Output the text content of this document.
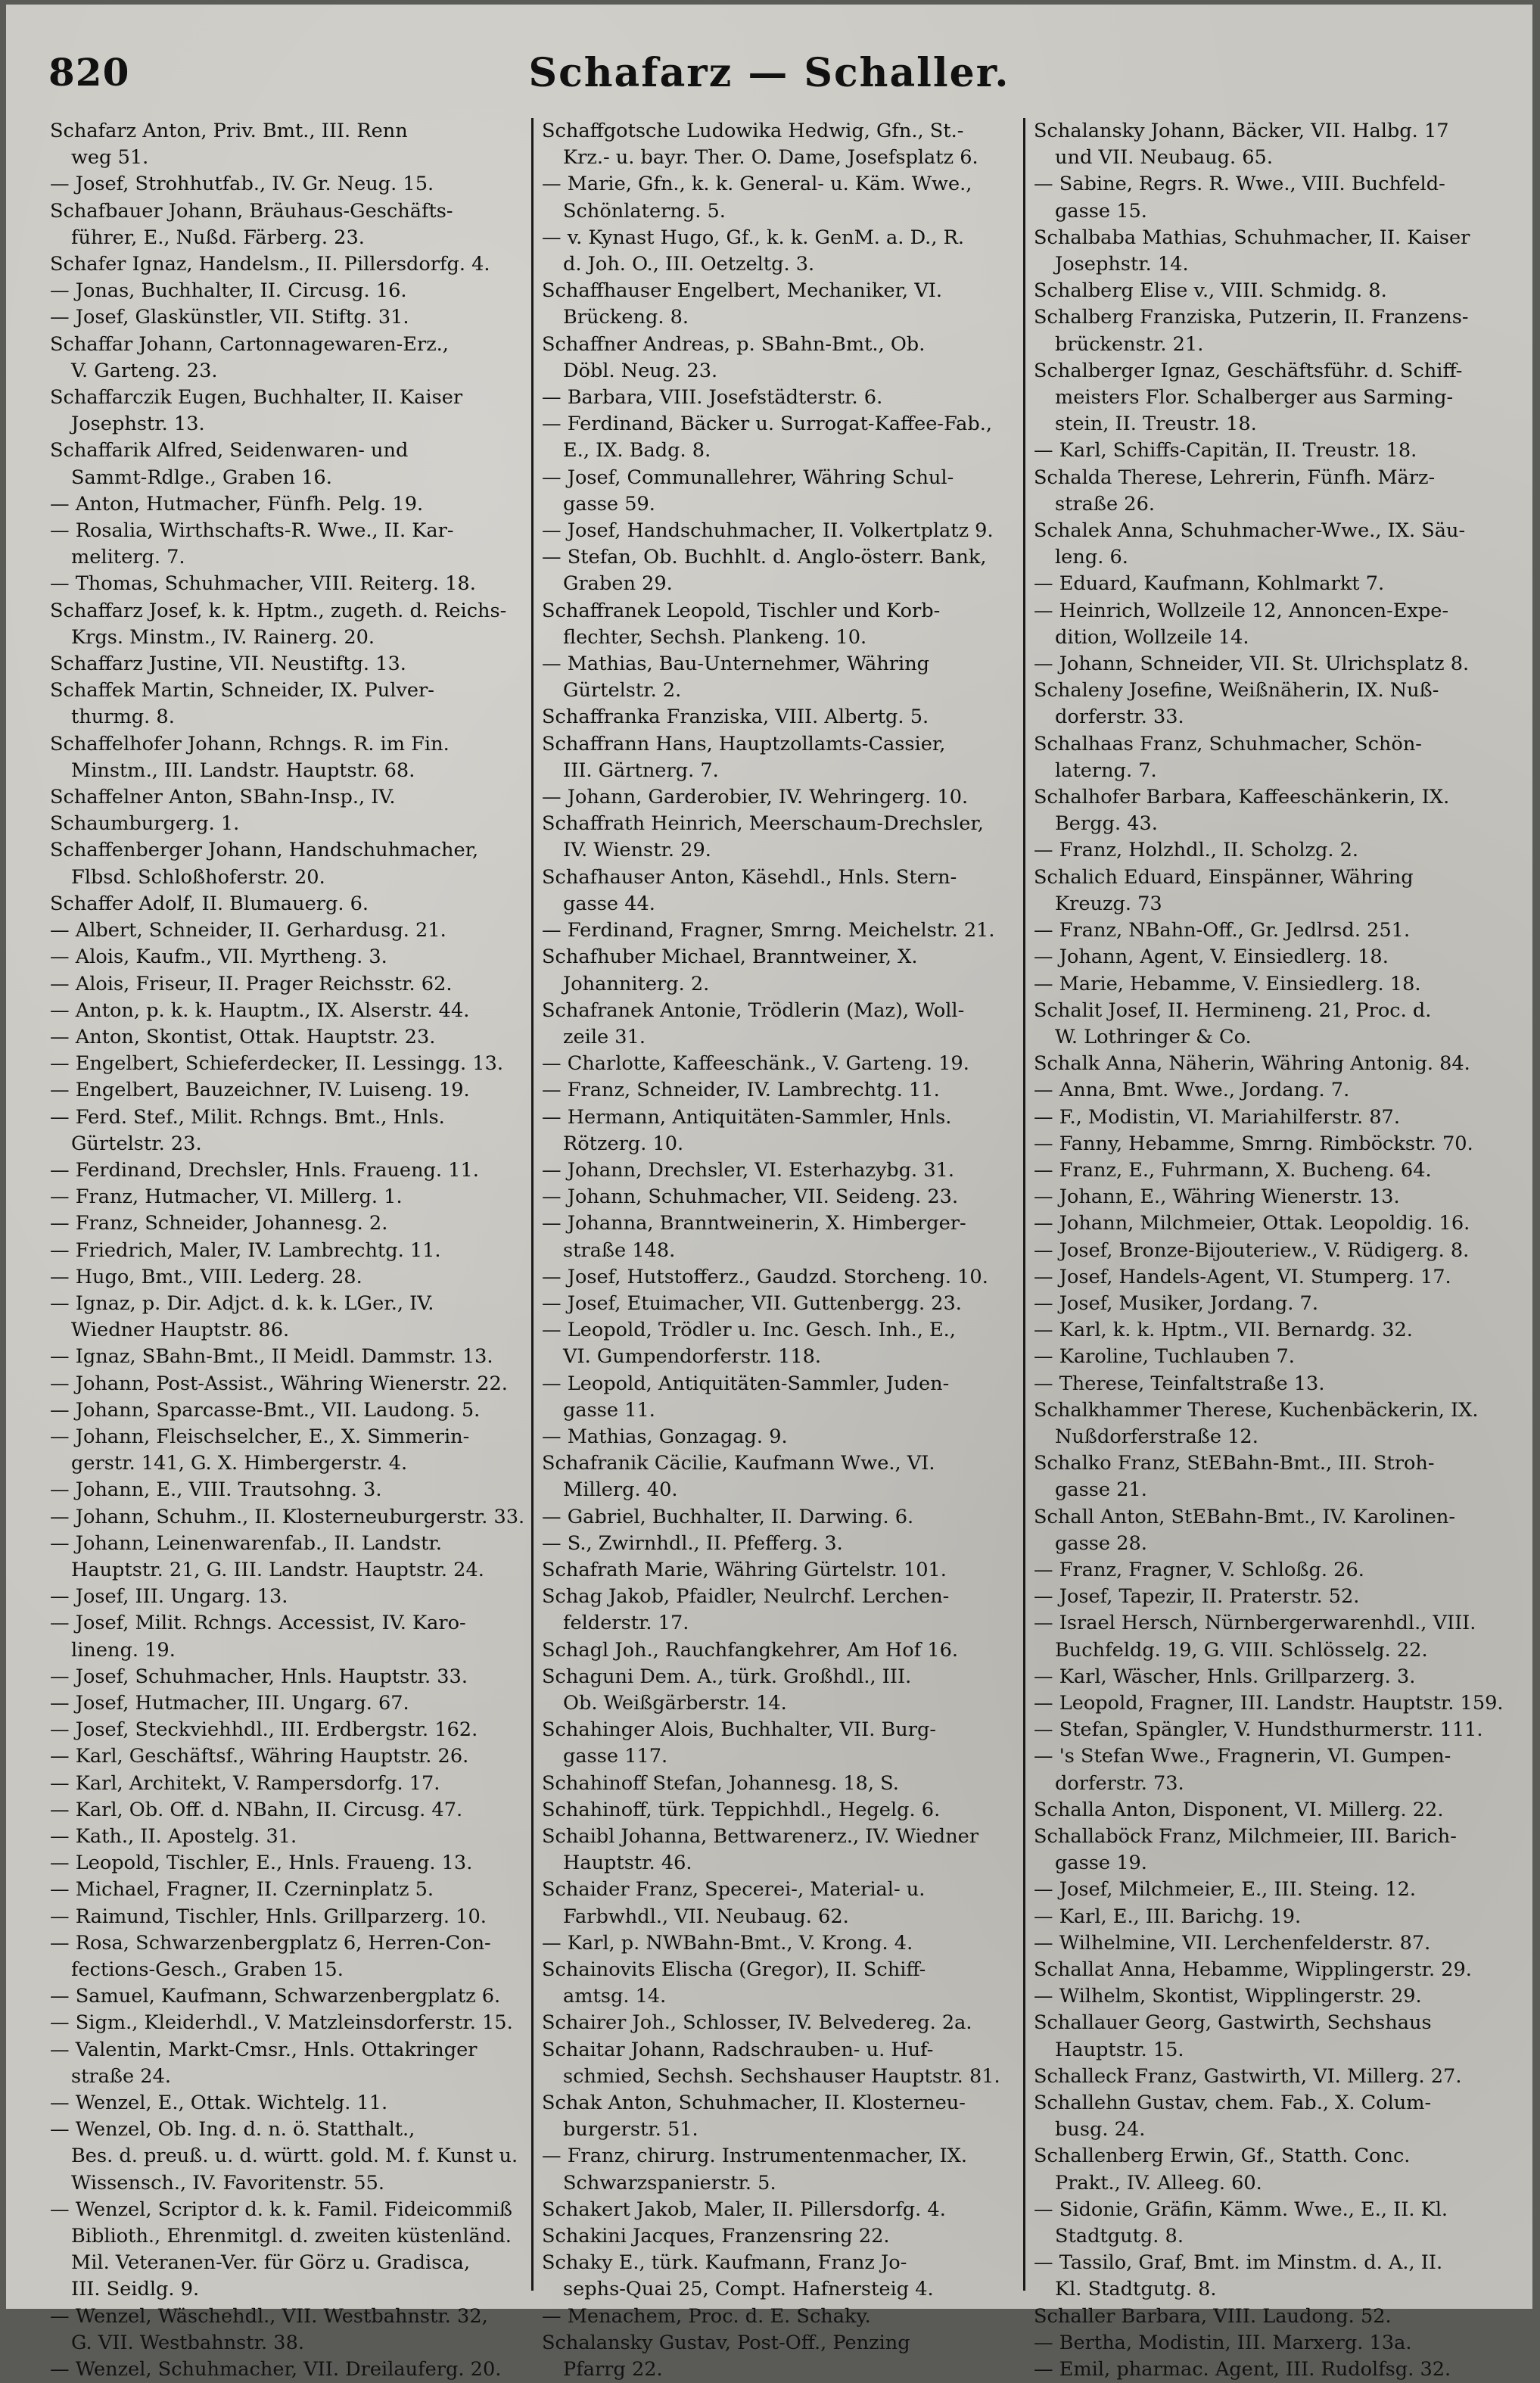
820	Schafarz — Schaller.

Schafarz Anton, Priv. Bmt., III. Renn

weg 51.

— Josef, Strohhutfab., IV. Gr. Neug. 15.

Schafbauer Johann, Bräuhaus-Geschäfts-

führer, E., Nußd. Färberg. 23.

Schafer Ignaz, Handelsm., II. Pillersdorfg. 4.

— Jonas, Buchhalter, II. Circusg. 16.

— Josef, Glaskünstler, VII. Stiftg. 31.

Schaffar Johann, Cartonnagewaren-Erz.,

V. Garteng. 23.

Schaffarczik Eugen, Buchhalter, II. Kaiser

Josephstr. 13.

Schaffarik Alfred, Seidenwaren- und

Sammt-Rdlge., Graben 16.

— Anton, Hutmacher, Fünfh. Pelg. 19.

— Rosalia, Wirthschafts-R. Wwe., II. Kar-

meliterg. 7.

— Thomas, Schuhmacher, VIII. Reiterg. 18.

Schaffarz Josef, k. k. Hptm., zugeth. d. Reichs-

Krgs. Minstm., IV. Rainerg. 20.

Schaffarz Justine, VII. Neustiftg. 13.

Schaffek Martin, Schneider, IX. Pulver-

thurmg. 8.

Schaffelhofer Johann, Rchngs. R. im Fin.

Minstm., III. Landstr. Hauptstr. 68.

Schaffelner Anton, SBahn-Insp., IV.

Schaumburgerg. 1.

Schaffenberger Johann, Handschuhmacher,

Flbsd. Schloßhoferstr. 20.

Schaffer Adolf, II. Blumauerg. 6.

— Albert, Schneider, II. Gerhardusg. 21.

— Alois, Kaufm., VII. Myrtheng. 3.

— Alois, Friseur, II. Prager Reichsstr. 62.

— Anton, p. k. k. Hauptm., IX. Alserstr. 44.

— Anton, Skontist, Ottak. Hauptstr. 23.

— Engelbert, Schieferdecker, II. Lessingg. 13.

— Engelbert, Bauzeichner, IV. Luiseng. 19.

— Ferd. Stef., Milit. Rchngs. Bmt., Hnls.

Gürtelstr. 23.

— Ferdinand, Drechsler, Hnls. Fraueng. 11.

— Franz, Hutmacher, VI. Millerg. 1.

— Franz, Schneider, Johannesg. 2.

— Friedrich, Maler, IV. Lambrechtg. 11.

— Hugo, Bmt., VIII. Lederg. 28.

— Ignaz, p. Dir. Adjct. d. k. k. LGer., IV.

Wiedner Hauptstr. 86.

— Ignaz, SBahn-Bmt., II Meidl. Dammstr. 13.

— Johann, Post-Assist., Währing Wienerstr. 22.

— Johann, Sparcasse-Bmt., VII. Laudong. 5.

— Johann, Fleischselcher, E., X. Simmerin-

gerstr. 141, G. X. Himbergerstr. 4.

— Johann, E., VIII. Trautsohng. 3.

— Johann, Schuhm., II. Klosterneuburgerstr. 33.

— Johann, Leinenwarenfab., II. Landstr.

Hauptstr. 21, G. III. Landstr. Hauptstr. 24.

— Josef, III. Ungarg. 13.

— Josef, Milit. Rchngs. Accessist, IV. Karo-

lineng. 19.

— Josef, Schuhmacher, Hnls. Hauptstr. 33.

— Josef, Hutmacher, III. Ungarg. 67.

— Josef, Steckviehhdl., III. Erdbergstr. 162.

— Karl, Geschäftsf., Währing Hauptstr. 26.

— Karl, Architekt, V. Rampersdorfg. 17.

— Karl, Ob. Off. d. NBahn, II. Circusg. 47.

— Kath., II. Apostelg. 31.

— Leopold, Tischler, E., Hnls. Fraueng. 13.

— Michael, Fragner, II. Czerninplatz 5.

— Raimund, Tischler, Hnls. Grillparzerg. 10.

— Rosa, Schwarzenbergplatz 6, Herren-Con-

fections-Gesch., Graben 15.

— Samuel, Kaufmann, Schwarzenbergplatz 6.

— Sigm., Kleiderhdl., V. Matzleinsdorferstr. 15.

— Valentin, Markt-Cmsr., Hnls. Ottakringer

straße 24.

— Wenzel, E., Ottak. Wichtelg. 11.

— Wenzel, Ob. Ing. d. n. ö. Statthalt.,

Bes. d. preuß. u. d. württ. gold. M. f. Kunst u.

Wissensch., IV. Favoritenstr. 55.

— Wenzel, Scriptor d. k. k. Famil. Fideicommiß

Biblioth., Ehrenmitgl. d. zweiten küstenländ.

Mil. Veteranen-Ver. für Görz u. Gradisca,

III. Seidlg. 9.

— Wenzel, Wäschehdl., VII. Westbahnstr. 32,

G. VII. Westbahnstr. 38.

— Wenzel, Schuhmacher, VII. Dreilauferg. 20.

Schaffgotsche Ludowika Hedwig, Gfn., St.-

Krz.- u. bayr. Ther. O. Dame, Josefsplatz 6.

— Marie, Gfn., k. k. General- u. Käm. Wwe.,

Schönlaterng. 5.

— v. Kynast Hugo, Gf., k. k. GenM. a. D., R.

d. Joh. O., III. Oetzeltg. 3.

Schaffhauser Engelbert, Mechaniker, VI.

Brückeng. 8.

Schaffner Andreas, p. SBahn-Bmt., Ob.

Döbl. Neug. 23.

— Barbara, VIII. Josefstädterstr. 6.

— Ferdinand, Bäcker u. Surrogat-Kaffee-Fab.,

E., IX. Badg. 8.

— Josef, Communallehrer, Währing Schul-

gasse 59.

— Josef, Handschuhmacher, II. Volkertplatz 9.

— Stefan, Ob. Buchhlt. d. Anglo-österr. Bank,

Graben 29.

Schaffranek Leopold, Tischler und Korb-

flechter, Sechsh. Plankeng. 10.

— Mathias, Bau-Unternehmer, Währing

Gürtelstr. 2.

Schaffranka Franziska, VIII. Albertg. 5.

Schaffrann Hans, Hauptzollamts-Cassier,

III. Gärtnerg. 7.

— Johann, Garderobier, IV. Wehringerg. 10.

Schaffrath Heinrich, Meerschaum-Drechsler,

IV. Wienstr. 29.

Schafhauser Anton, Käsehdl., Hnls. Stern-

gasse 44.

— Ferdinand, Fragner, Smrng. Meichelstr. 21.

Schafhuber Michael, Branntweiner, X.

Johanniterg. 2.

Schafranek Antonie, Trödlerin (Maz), Woll-

zeile 31.

— Charlotte, Kaffeeschänk., V. Garteng. 19.

— Franz, Schneider, IV. Lambrechtg. 11.

— Hermann, Antiquitäten-Sammler, Hnls.

Rötzerg. 10.

— Johann, Drechsler, VI. Esterhazybg. 31.

— Johann, Schuhmacher, VII. Seideng. 23.

— Johanna, Branntweinerin, X. Himberger-

straße 148.

— Josef, Hutstofferz., Gaudzd. Storcheng. 10.

— Josef, Etuimacher, VII. Guttenbergg. 23.

— Leopold, Trödler u. Inc. Gesch. Inh., E.,

VI. Gumpendorferstr. 118.

— Leopold, Antiquitäten-Sammler, Juden-

gasse 11.

— Mathias, Gonzagag. 9.

Schafranik Cäcilie, Kaufmann Wwe., VI.

Millerg. 40.

— Gabriel, Buchhalter, II. Darwing. 6.

— S., Zwirnhdl., II. Pfefferg. 3.

Schafrath Marie, Währing Gürtelstr. 101.

Schag Jakob, Pfaidler, Neulrchf. Lerchen-

felderstr. 17.

Schagl Joh., Rauchfangkehrer, Am Hof 16.

Schaguni Dem. A., türk. Großhdl., III.

Ob. Weißgärberstr. 14.

Schahinger Alois, Buchhalter, VII. Burg-

gasse 117.

Schahinoff Stefan, Johannesg. 18, S.

Schahinoff, türk. Teppichhdl., Hegelg. 6.

Schaibl Johanna, Bettwarenerz., IV. Wiedner

Hauptstr. 46.

Schaider Franz, Specerei-, Material- u.

Farbwhdl., VII. Neubaug. 62.

— Karl, p. NWBahn-Bmt., V. Krong. 4.

Schainovits Elischa (Gregor), II. Schiff-

amtsg. 14.

Schairer Joh., Schlosser, IV. Belvedereg. 2a.

Schaitar Johann, Radschrauben- u. Huf-

schmied, Sechsh. Sechshauser Hauptstr. 81.

Schak Anton, Schuhmacher, II. Klosterneu-

burgerstr. 51.

— Franz, chirurg. Instrumentenmacher, IX.

Schwarzspanierstr. 5.

Schakert Jakob, Maler, II. Pillersdorfg. 4.

Schakini Jacques, Franzensring 22.

Schaky E., türk. Kaufmann, Franz Jo-

sephs-Quai 25, Compt. Hafnersteig 4.

— Menachem, Proc. d. E. Schaky.

Schalansky Gustav, Post-Off., Penzing

Pfarrg 22.

Schalansky Johann, Bäcker, VII. Halbg. 17

und VII. Neubaug. 65.

— Sabine, Regrs. R. Wwe., VIII. Buchfeld-

gasse 15.

Schalbaba Mathias, Schuhmacher, II. Kaiser

Josephstr. 14.

Schalberg Elise v., VIII. Schmidg. 8.

Schalberg Franziska, Putzerin, II. Franzens-

brückenstr. 21.

Schalberger Ignaz, Geschäftsführ. d. Schiff-

meisters Flor. Schalberger aus Sarming-

stein, II. Treustr. 18.

— Karl, Schiffs-Capitän, II. Treustr. 18.

Schalda Therese, Lehrerin, Fünfh. März-

straße 26.

Schalek Anna, Schuhmacher-Wwe., IX. Säu-

leng. 6.

— Eduard, Kaufmann, Kohlmarkt 7.

— Heinrich, Wollzeile 12, Annoncen-Expe-

dition, Wollzeile 14.

— Johann, Schneider, VII. St. Ulrichsplatz 8.

Schaleny Josefine, Weißnäherin, IX. Nuß-

dorferstr. 33.

Schalhaas Franz, Schuhmacher, Schön-

laterng. 7.

Schalhofer Barbara, Kaffeeschänkerin, IX.

Bergg. 43.

— Franz, Holzhdl., II. Scholzg. 2.

Schalich Eduard, Einspänner, Währing

Kreuzg. 73

— Franz, NBahn-Off., Gr. Jedlrsd. 251.

— Johann, Agent, V. Einsiedlerg. 18.

— Marie, Hebamme, V. Einsiedlerg. 18.

Schalit Josef, II. Hermineng. 21, Proc. d.

W. Lothringer & Co.

Schalk Anna, Näherin, Währing Antonig. 84.

— Anna, Bmt. Wwe., Jordang. 7.

— F., Modistin, VI. Mariahilferstr. 87.

— Fanny, Hebamme, Smrng. Rimböckstr. 70.

— Franz, E., Fuhrmann, X. Bucheng. 64.

— Johann, E., Währing Wienerstr. 13.

— Johann, Milchmeier, Ottak. Leopoldig. 16.

— Josef, Bronze-Bijouteriew., V. Rüdigerg. 8.

— Josef, Handels-Agent, VI. Stumperg. 17.

— Josef, Musiker, Jordang. 7.

— Karl, k. k. Hptm., VII. Bernardg. 32.

— Karoline, Tuchlauben 7.

— Therese, Teinfaltstraße 13.

Schalkhammer Therese, Kuchenbäckerin, IX.

Nußdorferstraße 12.

Schalko Franz, StEBahn-Bmt., III. Stroh-

gasse 21.

Schall Anton, StEBahn-Bmt., IV. Karolinen-

gasse 28.

— Franz, Fragner, V. Schloßg. 26.

— Josef, Tapezir, II. Praterstr. 52.

— Israel Hersch, Nürnbergerwarenhdl., VIII.

Buchfeldg. 19, G. VIII. Schlösselg. 22.

— Karl, Wäscher, Hnls. Grillparzerg. 3.

— Leopold, Fragner, III. Landstr. Hauptstr. 159.

— Stefan, Spängler, V. Hundsthurmerstr. 111.

— 's Stefan Wwe., Fragnerin, VI. Gumpen-

dorferstr. 73.

Schalla Anton, Disponent, VI. Millerg. 22.

Schallaböck Franz, Milchmeier, III. Barich-

gasse 19.

— Josef, Milchmeier, E., III. Steing. 12.

— Karl, E., III. Barichg. 19.

— Wilhelmine, VII. Lerchenfelderstr. 87.

Schallat Anna, Hebamme, Wipplingerstr. 29.

— Wilhelm, Skontist, Wipplingerstr. 29.

Schallauer Georg, Gastwirth, Sechshaus

Hauptstr. 15.

Schalleck Franz, Gastwirth, VI. Millerg. 27.

Schallehn Gustav, chem. Fab., X. Colum-

busg. 24.

Schallenberg Erwin, Gf., Statth. Conc.

Prakt., IV. Alleeg. 60.

— Sidonie, Gräfin, Kämm. Wwe., E., II. Kl.

Stadtgutg. 8.

— Tassilo, Graf, Bmt. im Minstm. d. A., II.

Kl. Stadtgutg. 8.

Schaller Barbara, VIII. Laudong. 52.

— Bertha, Modistin, III. Marxerg. 13a.

— Emil, pharmac. Agent, III. Rudolfsg. 32.
